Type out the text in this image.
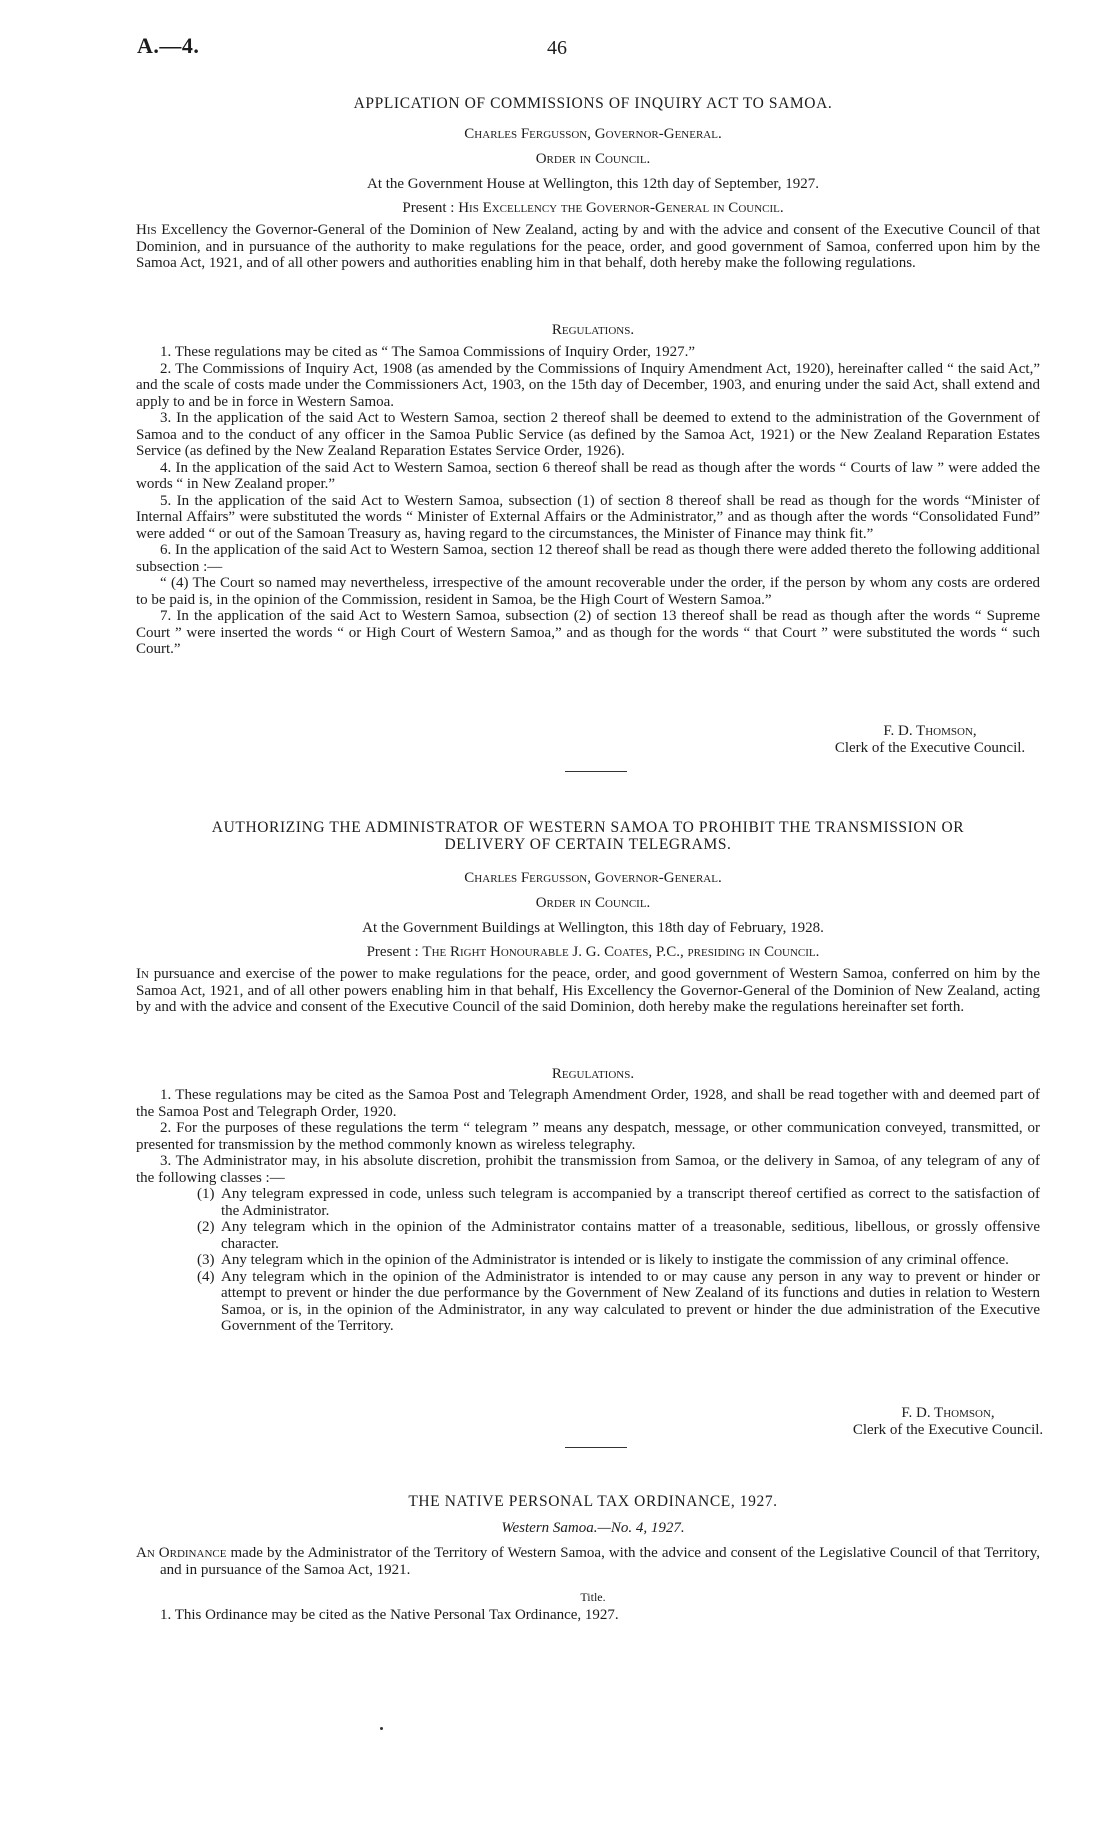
A.—4.	46
APPLICATION OF COMMISSIONS OF INQUIRY ACT TO SAMOA.
Charles Fergusson, Governor-General.
Order in Council.
At the Government House at Wellington, this 12th day of September, 1927.
Present : His Excellency the Governor-General in Council.
His Excellency the Governor-General of the Dominion of New Zealand, acting by and with the advice and consent of the Executive Council of that Dominion, and in pursuance of the authority to make regulations for the peace, order, and good government of Samoa, conferred upon him by the Samoa Act, 1921, and of all other powers and authorities enabling him in that behalf, doth hereby make the following regulations.
Regulations.
1. These regulations may be cited as “ The Samoa Commissions of Inquiry Order, 1927.”
2. The Commissions of Inquiry Act, 1908 (as amended by the Commissions of Inquiry Amendment Act, 1920), hereinafter called “ the said Act,” and the scale of costs made under the Commissioners Act, 1903, on the 15th day of December, 1903, and enuring under the said Act, shall extend and apply to and be in force in Western Samoa.
3. In the application of the said Act to Western Samoa, section 2 thereof shall be deemed to extend to the administration of the Government of Samoa and to the conduct of any officer in the Samoa Public Service (as defined by the Samoa Act, 1921) or the New Zealand Reparation Estates Service (as defined by the New Zealand Reparation Estates Service Order, 1926).
4. In the application of the said Act to Western Samoa, section 6 thereof shall be read as though after the words “ Courts of law ” were added the words “ in New Zealand proper.”
5. In the application of the said Act to Western Samoa, subsection (1) of section 8 thereof shall be read as though for the words “Minister of Internal Affairs” were substituted the words “ Minister of External Affairs or the Administrator,” and as though after the words “Consolidated Fund” were added “ or out of the Samoan Treasury as, having regard to the circumstances, the Minister of Finance may think fit.”
6. In the application of the said Act to Western Samoa, section 12 thereof shall be read as though there were added thereto the following additional subsection :—
“ (4) The Court so named may nevertheless, irrespective of the amount recoverable under the order, if the person by whom any costs are ordered to be paid is, in the opinion of the Commission, resident in Samoa, be the High Court of Western Samoa.”
7. In the application of the said Act to Western Samoa, subsection (2) of section 13 thereof shall be read as though after the words “ Supreme Court ” were inserted the words “ or High Court of Western Samoa,” and as though for the words “ that Court ” were substituted the words “ such Court.”
F. D. Thomson,
Clerk of the Executive Council.
AUTHORIZING THE ADMINISTRATOR OF WESTERN SAMOA TO PROHIBIT THE TRANSMISSION OR
DELIVERY OF CERTAIN TELEGRAMS.
Charles Fergusson, Governor-General.
Order in Council.
At the Government Buildings at Wellington, this 18th day of February, 1928.
Present : The Right Honourable J. G. Coates, P.C., presiding in Council.
In pursuance and exercise of the power to make regulations for the peace, order, and good government of Western Samoa, conferred on him by the Samoa Act, 1921, and of all other powers enabling him in that behalf, His Excellency the Governor-General of the Dominion of New Zealand, acting by and with the advice and consent of the Executive Council of the said Dominion, doth hereby make the regulations hereinafter set forth.
Regulations.
1. These regulations may be cited as the Samoa Post and Telegraph Amendment Order, 1928, and shall be read together with and deemed part of the Samoa Post and Telegraph Order, 1920.
2. For the purposes of these regulations the term “ telegram ” means any despatch, message, or other communication conveyed, transmitted, or presented for transmission by the method commonly known as wireless telegraphy.
3. The Administrator may, in his absolute discretion, prohibit the transmission from Samoa, or the delivery in Samoa, of any telegram of any of the following classes :—
(1) Any telegram expressed in code, unless such telegram is accompanied by a transcript thereof certified as correct to the satisfaction of the Administrator.
(2) Any telegram which in the opinion of the Administrator contains matter of a treasonable, seditious, libellous, or grossly offensive character.
(3) Any telegram which in the opinion of the Administrator is intended or is likely to instigate the commission of any criminal offence.
(4) Any telegram which in the opinion of the Administrator is intended to or may cause any person in any way to prevent or hinder or attempt to prevent or hinder the due performance by the Government of New Zealand of its functions and duties in relation to Western Samoa, or is, in the opinion of the Administrator, in any way calculated to prevent or hinder the due administration of the Executive Government of the Territory.
F. D. Thomson,
Clerk of the Executive Council.
THE NATIVE PERSONAL TAX ORDINANCE, 1927.
Western Samoa.—No. 4, 1927.
An Ordinance made by the Administrator of the Territory of Western Samoa, with the advice and consent of the Legislative Council of that Territory, and in pursuance of the Samoa Act, 1921.
Title.
1. This Ordinance may be cited as the Native Personal Tax Ordinance, 1927.
